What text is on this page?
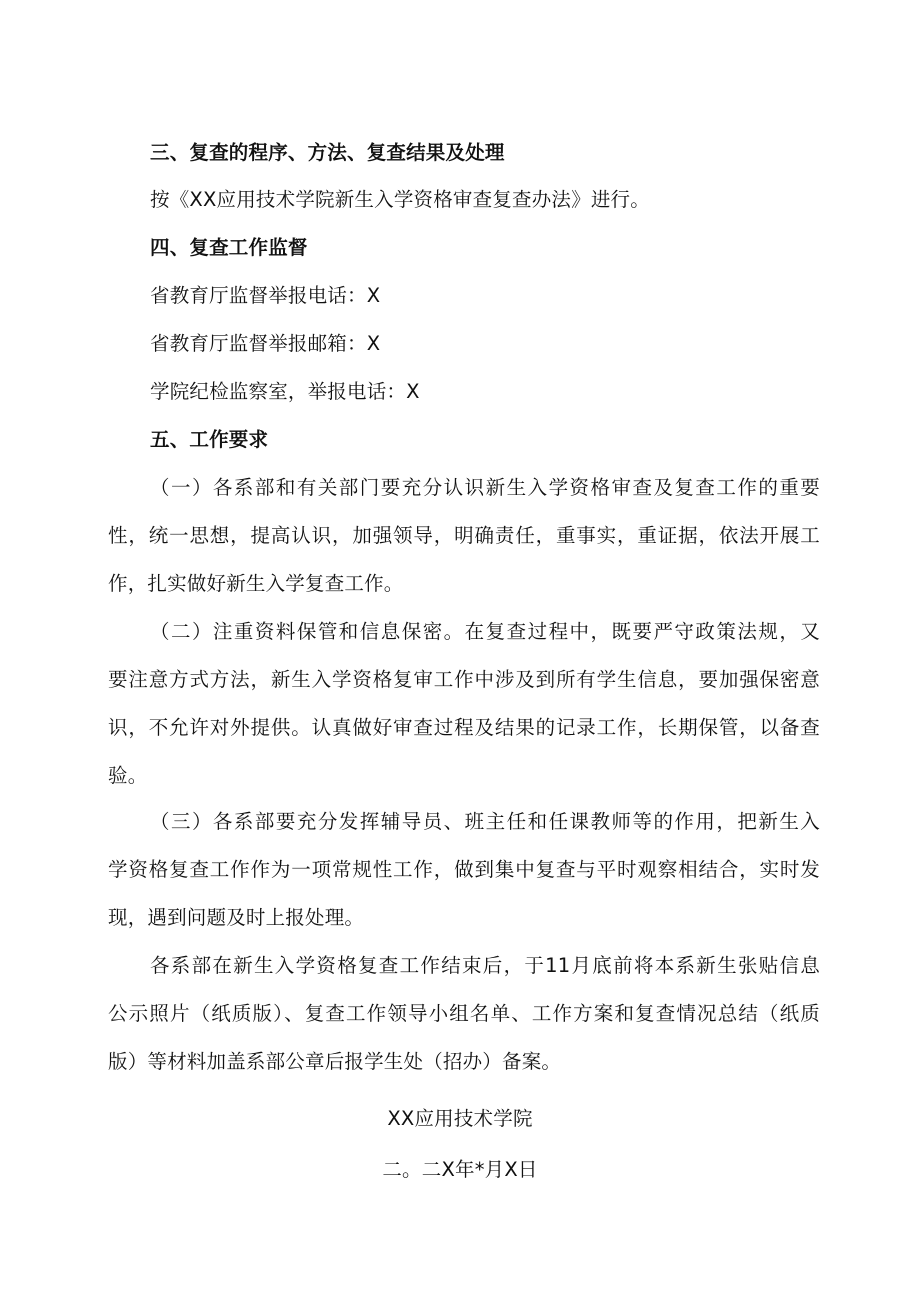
三、复查的程序、方法、复查结果及处理
按《XX应用技术学院新生入学资格审查复查办法》进行。
四、复查工作监督
省教育厅监督举报电话：X
省教育厅监督举报邮箱：X
学院纪检监察室，举报电话：X
五、工作要求
（一）各系部和有关部门要充分认识新生入学资格审查及复查工作的重要
性，统一思想，提高认识，加强领导，明确责任，重事实，重证据，依法开展工
作，扎实做好新生入学复查工作。
（二）注重资料保管和信息保密。在复查过程中，既要严守政策法规，又
要注意方式方法，新生入学资格复审工作中涉及到所有学生信息，要加强保密意
识，不允许对外提供。认真做好审查过程及结果的记录工作，长期保管，以备查
验。
（三）各系部要充分发挥辅导员、班主任和任课教师等的作用，把新生入
学资格复查工作作为一项常规性工作，做到集中复查与平时观察相结合，实时发
现，遇到问题及时上报处理。
各系部在新生入学资格复查工作结束后，于11月底前将本系新生张贴信息
公示照片（纸质版）、复查工作领导小组名单、工作方案和复查情况总结（纸质
版）等材料加盖系部公章后报学生处（招办）备案。
XX应用技术学院
二。二X年*月X日
